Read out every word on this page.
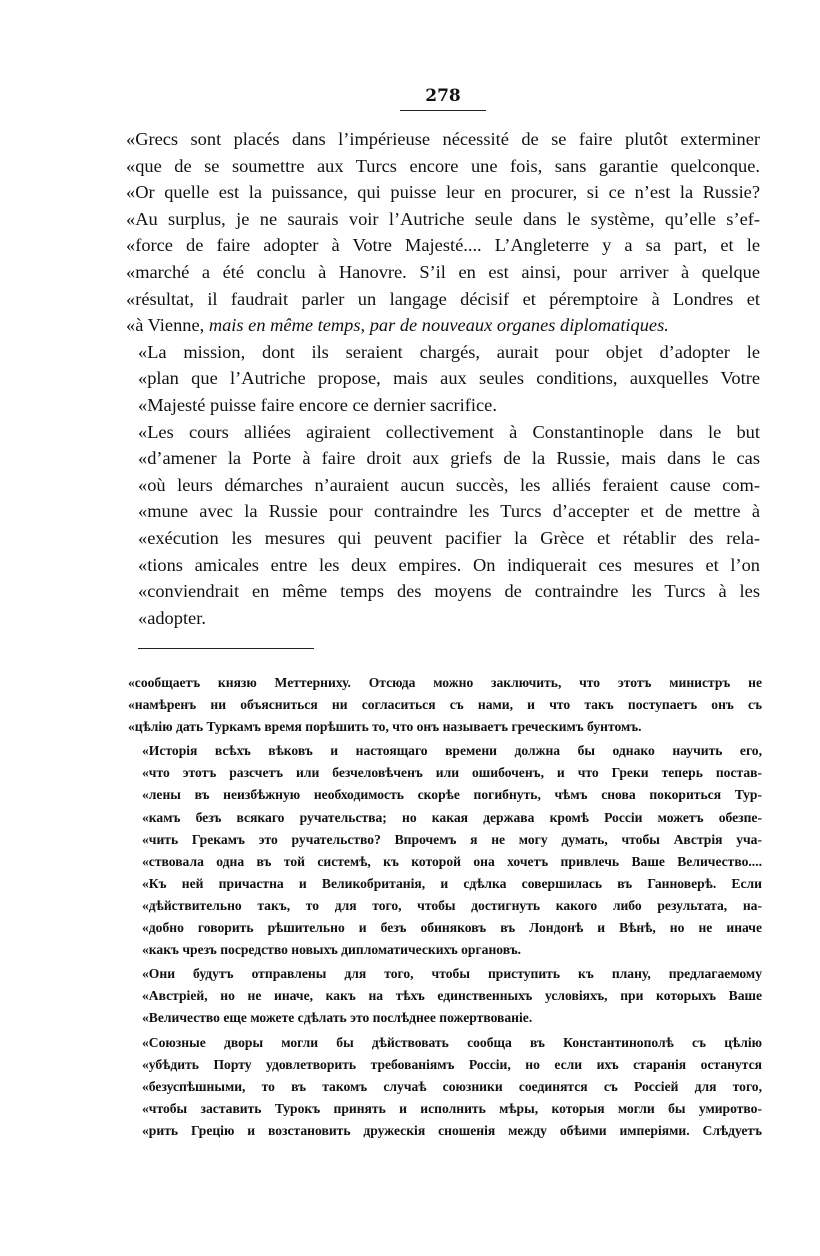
278
«Grecs sont placés dans l’impérieuse nécessité de se faire plutôt exterminer
«que de se soumettre aux Turcs encore une fois, sans garantie quelconque.
«Or quelle est la puissance, qui puisse leur en procurer, si ce n’est la Russie?
«Au surplus, je ne saurais voir l’Autriche seule dans le système, qu’elle s’ef-
«force de faire adopter à Votre Majesté.... L’Angleterre y a sa part, et le
«marché a été conclu à Hanovre. S’il en est ainsi, pour arriver à quelque
«résultat, il faudrait parler un langage décisif et péremptoire à Londres et
«à Vienne, mais en même temps, par de nouveaux organes diplomatiques.
«La mission, dont ils seraient chargés, aurait pour objet d’adopter le
«plan que l’Autriche propose, mais aux seules conditions, auxquelles Votre
«Majesté puisse faire encore ce dernier sacrifice.
«Les cours alliées agiraient collectivement à Constantinople dans le but
«d’amener la Porte à faire droit aux griefs de la Russie, mais dans le cas
«où leurs démarches n’auraient aucun succès, les alliés feraient cause com-
«mune avec la Russie pour contraindre les Turcs d’accepter et de mettre à
«exécution les mesures qui peuvent pacifier la Grèce et rétablir des rela-
«tions amicales entre les deux empires. On indiquerait ces mesures et l’on
«conviendrait en même temps des moyens de contraindre les Turcs à les
«adopter.
«сообщаетъ князю Меттерниху. Отсюда можно заключить, что этотъ министръ не
«намѣренъ ни объясниться ни согласиться съ нами, и что такъ поступаетъ онъ съ
«цѣлію дать Туркамъ время порѣшить то, что онъ называетъ греческимъ бунтомъ.
«Исторія всѣхъ вѣковъ и настоящаго времени должна бы однако научить его,
«что этотъ разсчетъ или безчеловѣченъ или ошибоченъ, и что Греки теперь постав-
«лены въ неизбѣжную необходимость скорѣе погибнуть, чѣмъ снова покориться Тур-
«камъ безъ всякаго ручательства; но какая держава кромѣ Россіи можетъ обезпе-
«чить Грекамъ это ручательство? Впрочемъ я не могу думать, чтобы Австрія уча-
«ствовала одна въ той системѣ, къ которой она хочетъ привлечь Ваше Величество....
«Къ ней причастна и Великобританія, и сдѣлка совершилась въ Ганноверѣ. Если
«дѣйствительно такъ, то для того, чтобы достигнуть какого либо результата, на-
«добно говорить рѣшительно и безъ обиняковъ въ Лондонѣ и Вѣнѣ, но не иначе
«какъ чрезъ посредство новыхъ дипломатическихъ органовъ.
«Они будутъ отправлены для того, чтобы приступить къ плану, предлагаемому
«Австріей, но не иначе, какъ на тѣхъ единственныхъ условіяхъ, при которыхъ Ваше
«Величество еще можете сдѣлать это послѣднее пожертвованіе.
«Союзные дворы могли бы дѣйствовать сообща въ Константинополѣ съ цѣлію
«убѣдить Порту удовлетворить требованіямъ Россіи, но если ихъ старанія останутся
«безуспѣшными, то въ такомъ случаѣ союзники соединятся съ Россіей для того,
«чтобы заставить Турокъ принять и исполнить мѣры, которыя могли бы умиротво-
«рить Грецію и возстановить дружескія сношенія между обѣими имперіями. Слѣдуетъ
